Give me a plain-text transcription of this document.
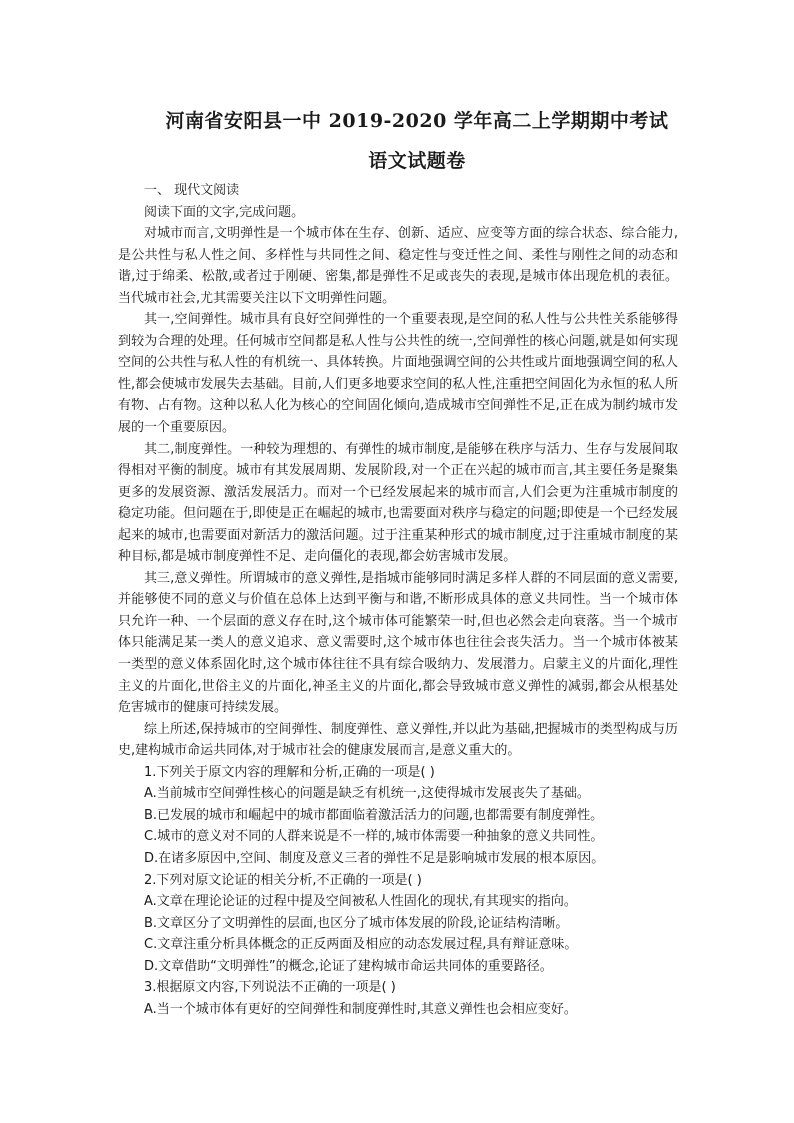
河南省安阳县一中 2019-2020 学年高二上学期期中考试
语文试题卷

一、 现代文阅读

阅读下面的文字,完成问题。

对城市而言,文明弹性是一个城市体在生存、创新、适应、应变等方面的综合状态、综合能力,是公共性与私人性之间、多样性与共同性之间、稳定性与变迁性之间、柔性与刚性之间的动态和谐,过于绵柔、松散,或者过于刚硬、密集,都是弹性不足或丧失的表现,是城市体出现危机的表征。当代城市社会,尤其需要关注以下文明弹性问题。

其一,空间弹性。城市具有良好空间弹性的一个重要表现,是空间的私人性与公共性关系能够得到较为合理的处理。任何城市空间都是私人性与公共性的统一,空间弹性的核心问题,就是如何实现空间的公共性与私人性的有机统一、具体转换。片面地强调空间的公共性或片面地强调空间的私人性,都会使城市发展失去基础。目前,人们更多地要求空间的私人性,注重把空间固化为永恒的私人所有物、占有物。这种以私人化为核心的空间固化倾向,造成城市空间弹性不足,正在成为制约城市发展的一个重要原因。

其二,制度弹性。一种较为理想的、有弹性的城市制度,是能够在秩序与活力、生存与发展间取得相对平衡的制度。城市有其发展周期、发展阶段,对一个正在兴起的城市而言,其主要任务是聚集更多的发展资源、激活发展活力。而对一个已经发展起来的城市而言,人们会更为注重城市制度的稳定功能。但问题在于,即使是正在崛起的城市,也需要面对秩序与稳定的问题;即使是一个已经发展起来的城市,也需要面对新活力的激活问题。过于注重某种形式的城市制度,过于注重城市制度的某种目标,都是城市制度弹性不足、走向僵化的表现,都会妨害城市发展。

其三,意义弹性。所谓城市的意义弹性,是指城市能够同时满足多样人群的不同层面的意义需要,并能够使不同的意义与价值在总体上达到平衡与和谐,不断形成具体的意义共同性。当一个城市体只允许一种、一个层面的意义存在时,这个城市体可能繁荣一时,但也必然会走向衰落。当一个城市体只能满足某一类人的意义追求、意义需要时,这个城市体也往往会丧失活力。当一个城市体被某一类型的意义体系固化时,这个城市体往往不具有综合吸纳力、发展潜力。启蒙主义的片面化,理性主义的片面化,世俗主义的片面化,神圣主义的片面化,都会导致城市意义弹性的减弱,都会从根基处危害城市的健康可持续发展。

综上所述,保持城市的空间弹性、制度弹性、意义弹性,并以此为基础,把握城市的类型构成与历史,建构城市命运共同体,对于城市社会的健康发展而言,是意义重大的。

1.下列关于原文内容的理解和分析,正确的一项是( )

A.当前城市空间弹性核心的问题是缺乏有机统一,这使得城市发展丧失了基础。

B.已发展的城市和崛起中的城市都面临着激活活力的问题,也都需要有制度弹性。

C.城市的意义对不同的人群来说是不一样的,城市体需要一种抽象的意义共同性。

D.在诸多原因中,空间、制度及意义三者的弹性不足是影响城市发展的根本原因。

2.下列对原文论证的相关分析,不正确的一项是( )

A.文章在理论论证的过程中提及空间被私人性固化的现状,有其现实的指向。

B.文章区分了文明弹性的层面,也区分了城市体发展的阶段,论证结构清晰。

C.文章注重分析具体概念的正反两面及相应的动态发展过程,具有辩证意味。

D.文章借助“文明弹性”的概念,论证了建构城市命运共同体的重要路径。

3.根据原文内容,下列说法不正确的一项是( )

A.当一个城市体有更好的空间弹性和制度弹性时,其意义弹性也会相应变好。
